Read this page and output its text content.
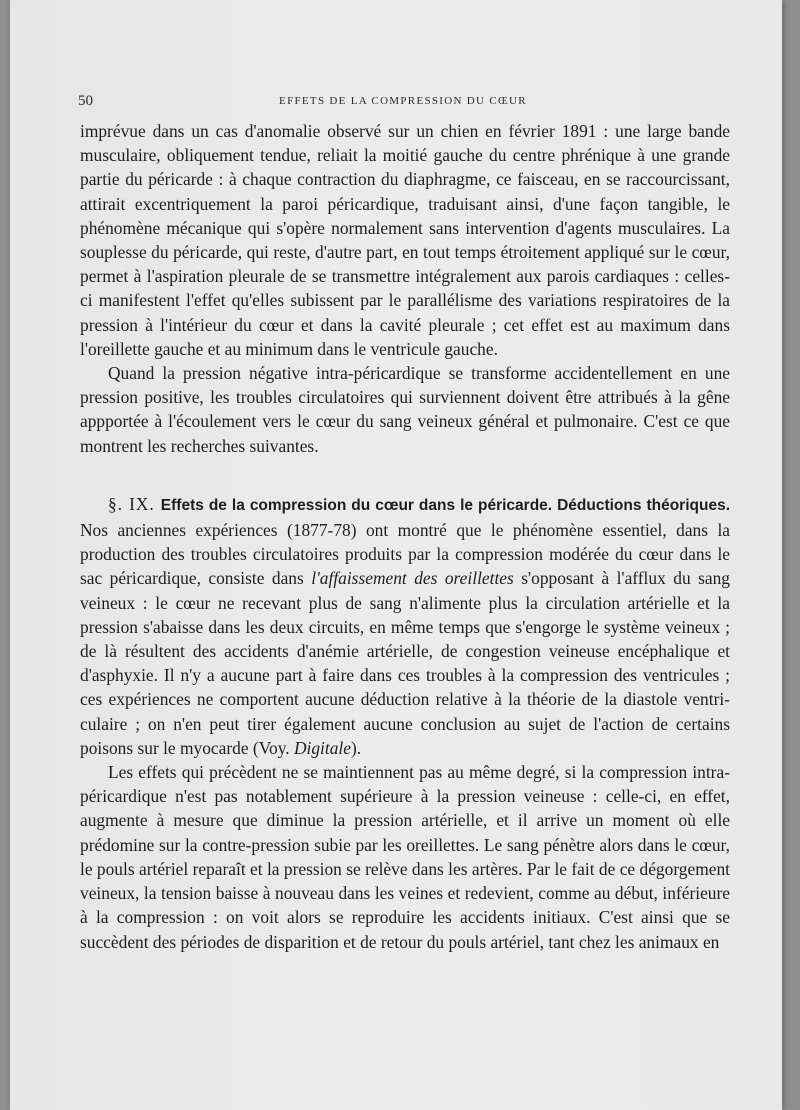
50	EFFETS DE LA COMPRESSION DU CŒUR

imprévue dans un cas d'anomalie observé sur un chien en février 1891 : une large bande musculaire, obliquement tendue, reliait la moitié gauche du centre phrénique à une grande partie du péricarde : à chaque contraction du diaphragme, ce faisceau, en se raccourcissant, attirait excentriquement la paroi péricardique, traduisant ainsi, d'une façon tangible, le phénomène mécanique qui s'opère normalement sans intervention d'agents musculaires. La souplesse du péricarde, qui reste, d'autre part, en tout temps étroitement appliqué sur le cœur, permet à l'aspiration pleurale de se transmettre intégralement aux parois cardiaques : celles-ci manifestent l'effet qu'elles subissent par le parallélisme des variations respiratoires de la pression à l'intérieur du cœur et dans la cavité pleurale ; cet effet est au maximum dans l'oreillette gauche et au minimum dans le ventricule gauche.

Quand la pression négative intra-péricardique se transforme accidentellement en une pression positive, les troubles circulatoires qui surviennent doivent être attribués à la gêne appportée à l'écoulement vers le cœur du sang veineux général et pulmonaire. C'est ce que montrent les recherches suivantes.

§. IX. Effets de la compression du cœur dans le péricarde. Déductions théoriques. Nos anciennes expériences (1877-78) ont montré que le phénomène essentiel, dans la production des troubles circulatoires produits par la compression modérée du cœur dans le sac péricardique, consiste dans l'affaissement des oreillettes s'opposant à l'afflux du sang veineux : le cœur ne recevant plus de sang n'alimente plus la circulation artérielle et la pression s'abaisse dans les deux circuits, en même temps que s'engorge le système veineux ; de là résultent des accidents d'anémie artérielle, de congestion veineuse encéphalique et d'asphyxie. Il n'y a aucune part à faire dans ces troubles à la compression des ventricules ; ces expériences ne comportent aucune déduction relative à la théorie de la diastole ventriculaire ; on n'en peut tirer également aucune conclusion au sujet de l'action de certains poisons sur le myocarde (Voy. Digitale).

Les effets qui précèdent ne se maintiennent pas au même degré, si la compression intra-péricardique n'est pas notablement supérieure à la pression veineuse : celle-ci, en effet, augmente à mesure que diminue la pression artérielle, et il arrive un moment où elle prédomine sur la contre-pression subie par les oreillettes. Le sang pénètre alors dans le cœur, le pouls artériel reparaît et la pression se relève dans les artères. Par le fait de ce dégorgement veineux, la tension baisse à nouveau dans les veines et redevient, comme au début, inférieure à la compression : on voit alors se reproduire les accidents initiaux. C'est ainsi que se succèdent des périodes de disparition et de retour du pouls artériel, tant chez les animaux en
